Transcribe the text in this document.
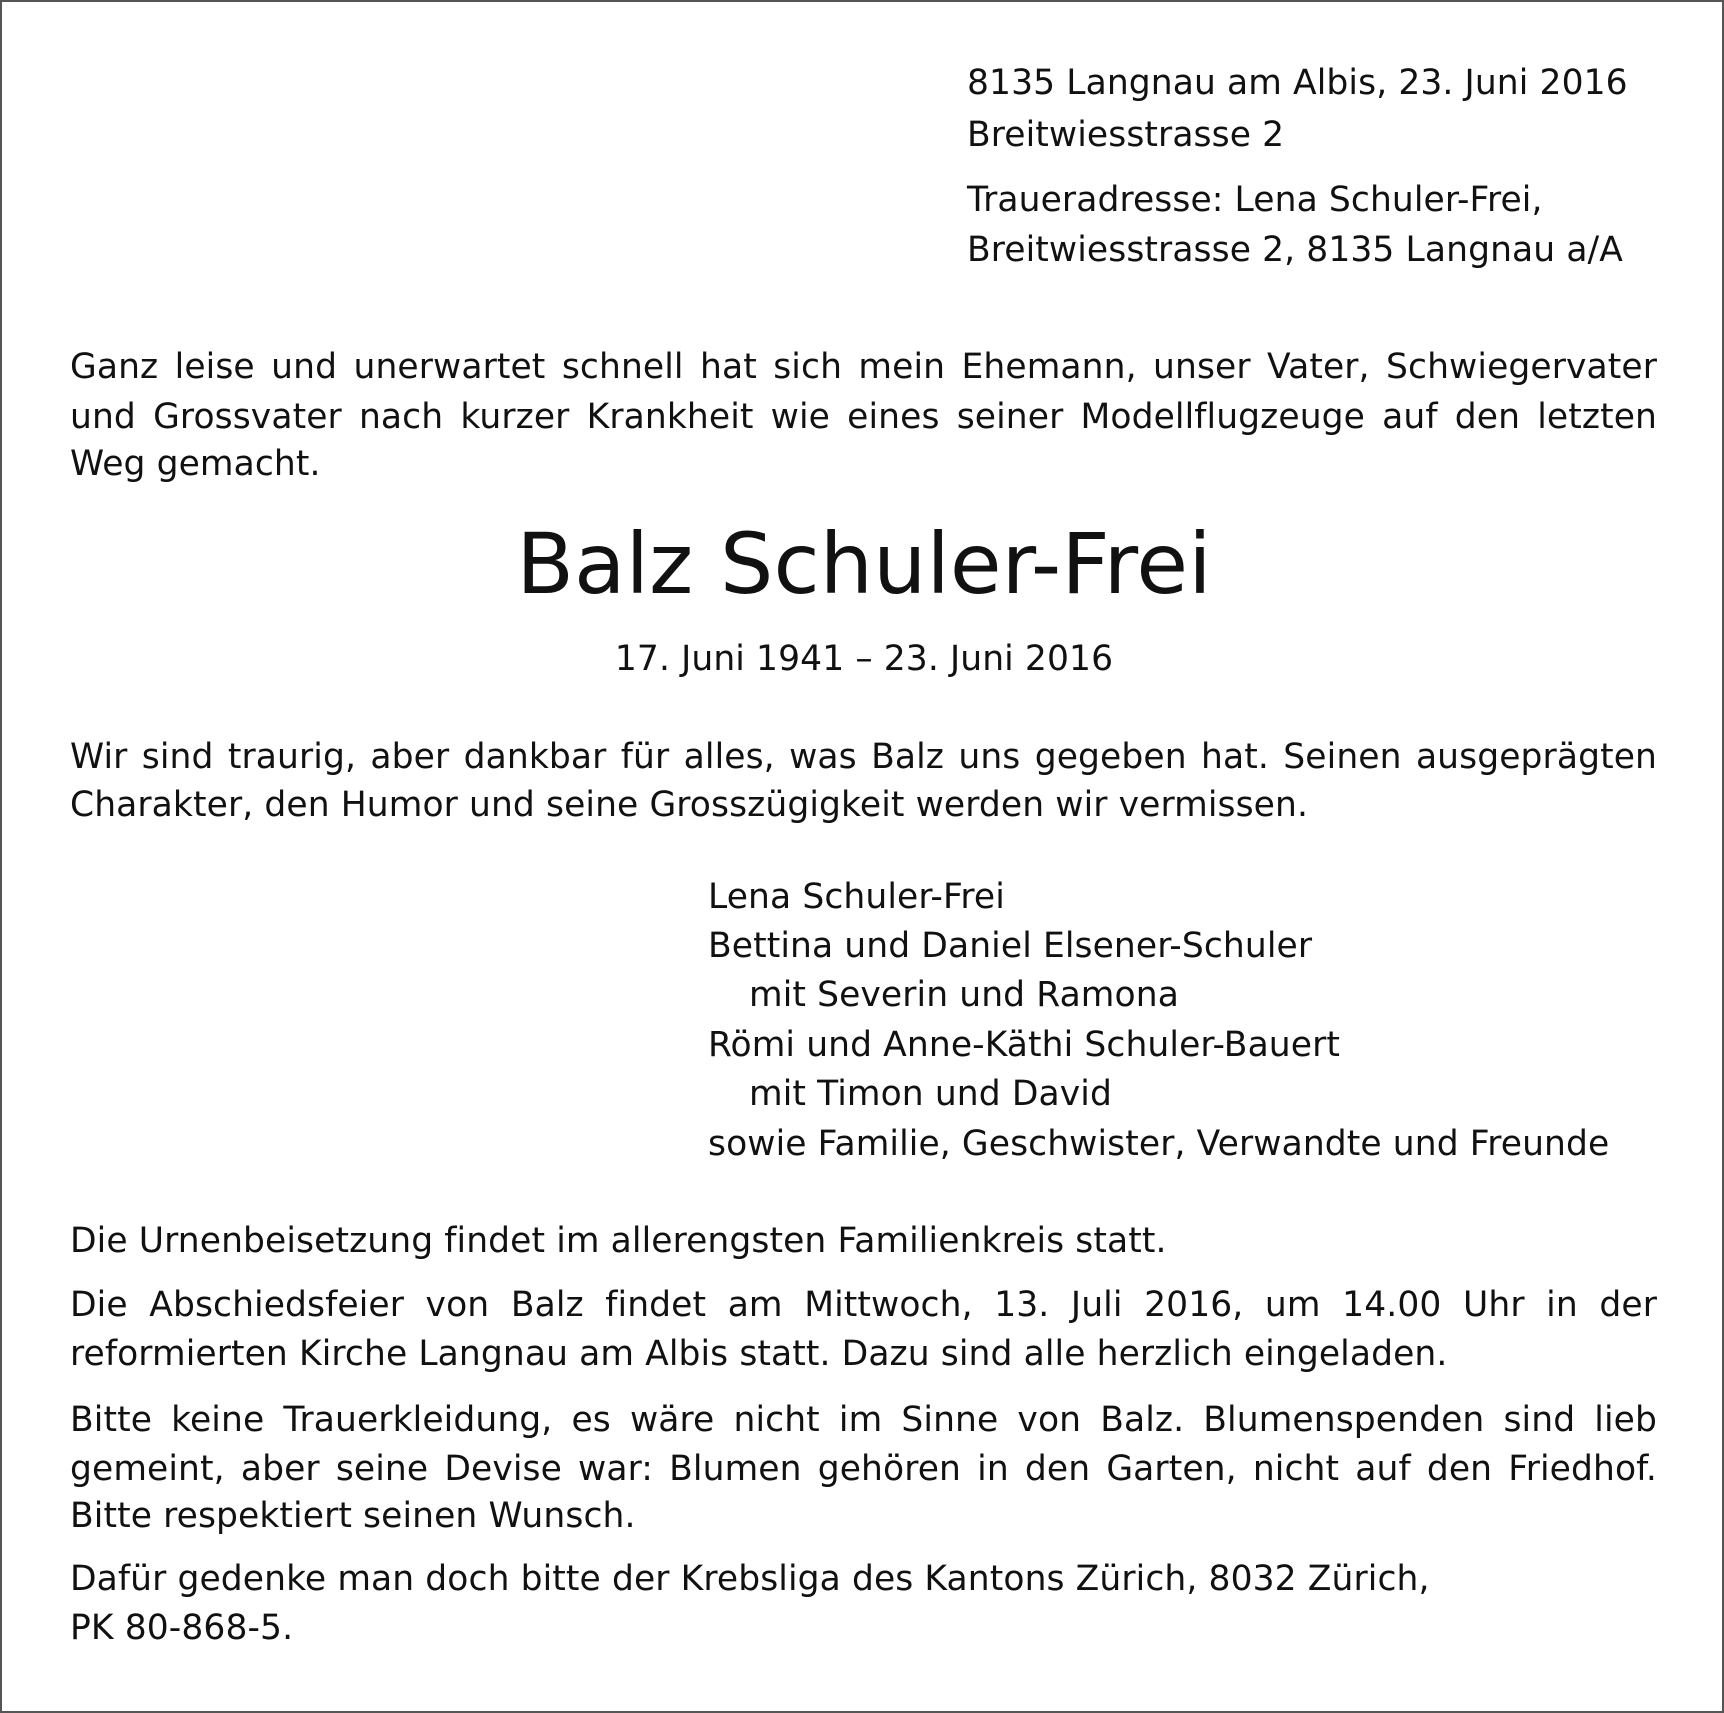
8135 Langnau am Albis, 23. Juni 2016
Breitwiesstrasse 2
Traueradresse: Lena Schuler-Frei,
Breitwiesstrasse 2, 8135 Langnau a/A
Ganz leise und unerwartet schnell hat sich mein Ehemann, unser Vater, Schwiegervater
und Grossvater nach kurzer Krankheit wie eines seiner Modellflugzeuge auf den letzten
Weg gemacht.
Balz Schuler-Frei
17. Juni 1941 – 23. Juni 2016
Wir sind traurig, aber dankbar für alles, was Balz uns gegeben hat. Seinen ausgeprägten
Charakter, den Humor und seine Grosszügigkeit werden wir vermissen.
Lena Schuler-Frei
Bettina und Daniel Elsener-Schuler
mit Severin und Ramona
Römi und Anne-Käthi Schuler-Bauert
mit Timon und David
sowie Familie, Geschwister, Verwandte und Freunde
Die Urnenbeisetzung findet im allerengsten Familienkreis statt.
Die Abschiedsfeier von Balz findet am Mittwoch, 13. Juli 2016, um 14.00 Uhr in der
reformierten Kirche Langnau am Albis statt. Dazu sind alle herzlich eingeladen.
Bitte keine Trauerkleidung, es wäre nicht im Sinne von Balz. Blumenspenden sind lieb
gemeint, aber seine Devise war: Blumen gehören in den Garten, nicht auf den Friedhof.
Bitte respektiert seinen Wunsch.
Dafür gedenke man doch bitte der Krebsliga des Kantons Zürich, 8032 Zürich,
PK 80-868-5.
